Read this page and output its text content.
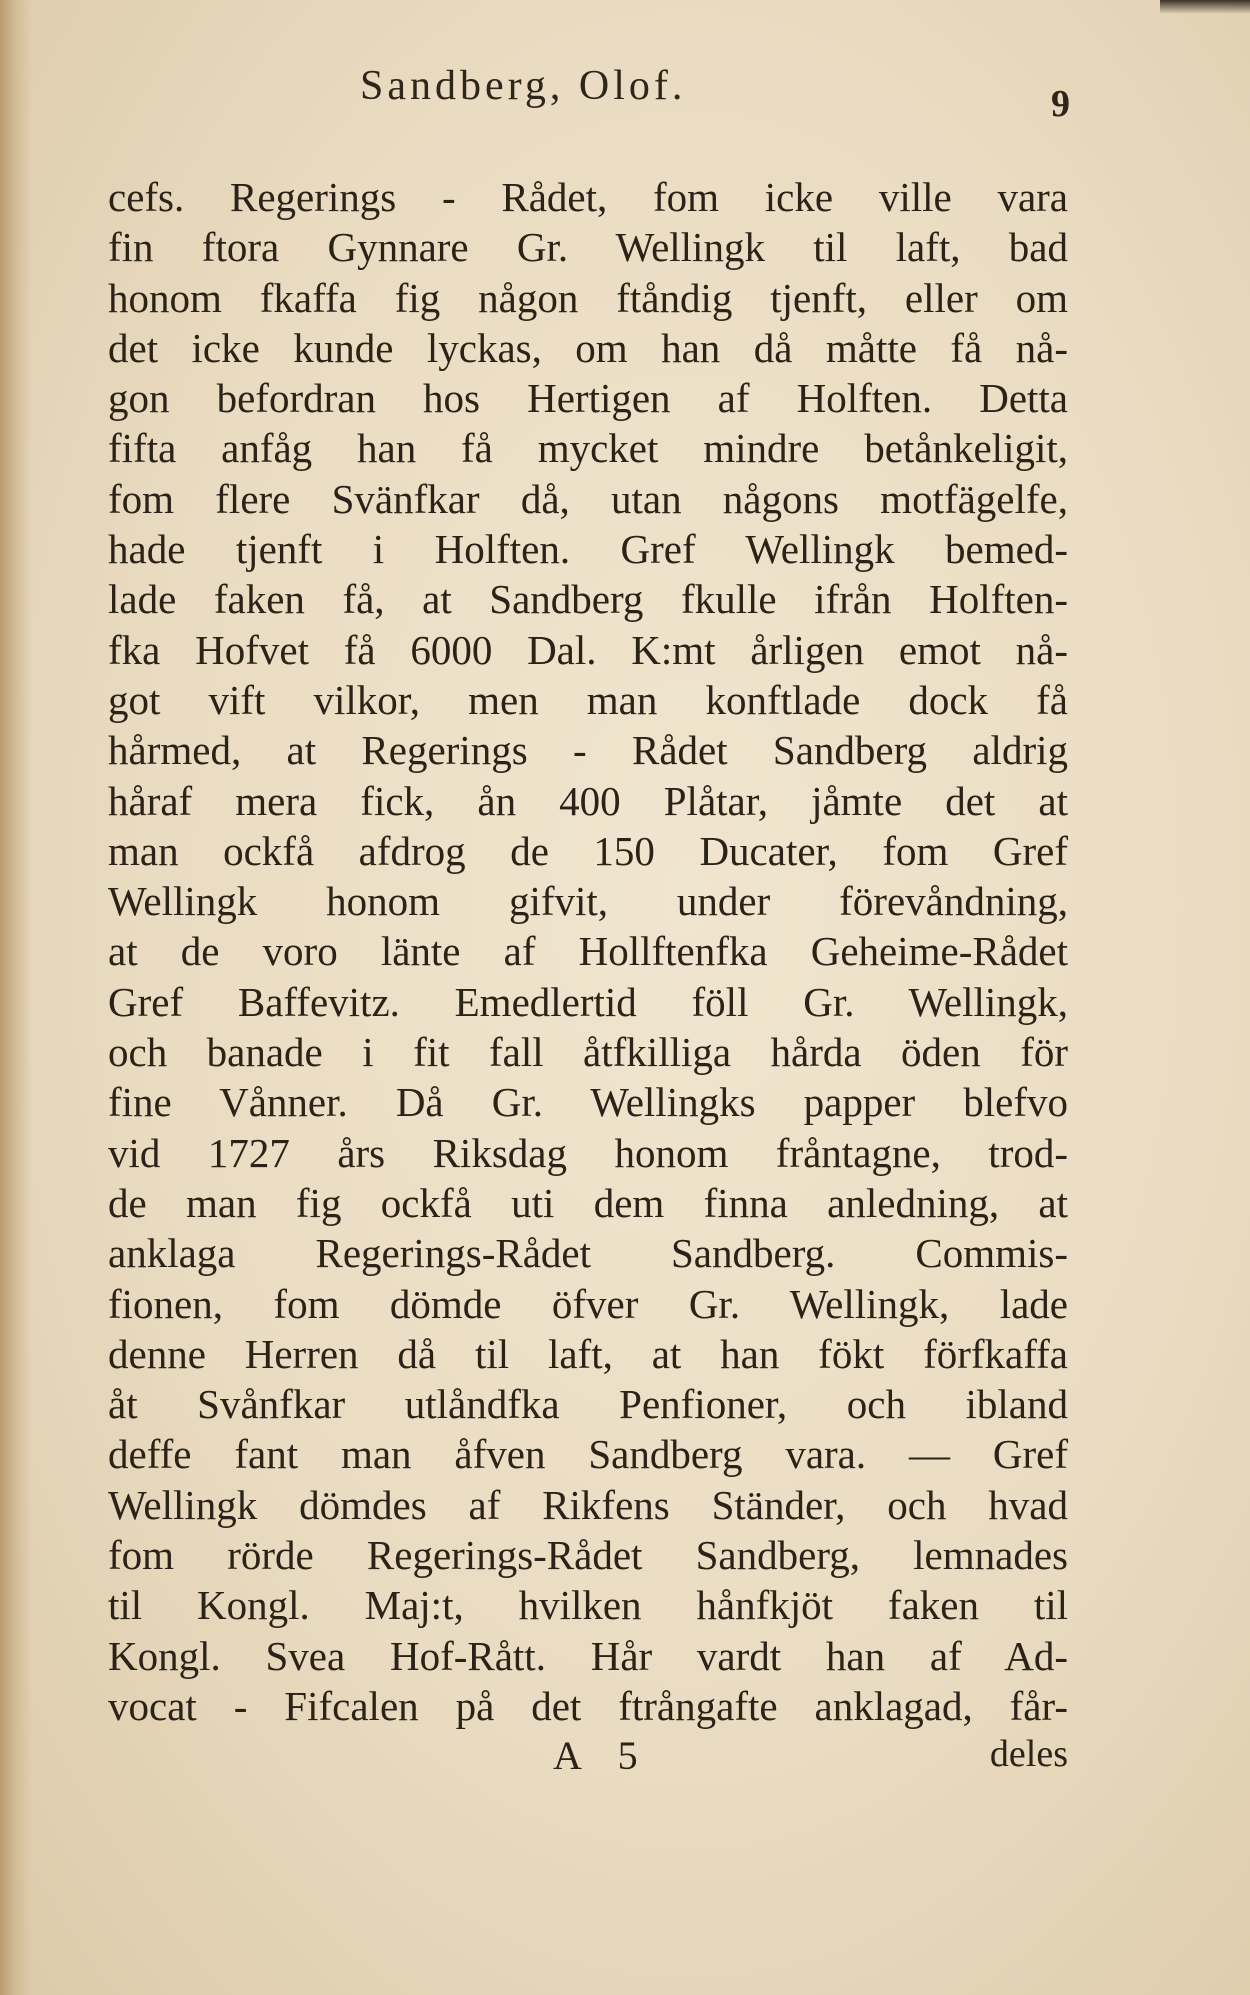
Sandberg, Olof.	9
cefs. Regerings - Rådet, fom icke ville vara
fin ftora Gynnare Gr. Wellingk til laft, bad
honom fkaffa fig någon ftåndig tjenft, eller om
det icke kunde lyckas, om han då måtte få nå-
gon befordran hos Hertigen af Holften. Detta
fifta anfåg han få mycket mindre betånkeligit,
fom flere Svänfkar då, utan någons motfägelfe,
hade tjenft i Holften. Gref Wellingk bemed-
lade faken få, at Sandberg fkulle ifrån Holften-
fka Hofvet få 6000 Dal. K:mt årligen emot nå-
got vift vilkor, men man konftlade dock få
hårmed, at Regerings - Rådet Sandberg aldrig
håraf mera fick, ån 400 Plåtar, jåmte det at
man ockfå afdrog de 150 Ducater, fom Gref
Wellingk honom gifvit, under förevåndning,
at de voro länte af Hollftenfka Geheime-Rådet
Gref Baffevitz. Emedlertid föll Gr. Wellingk,
och banade i fit fall åtfkilliga hårda öden för
fine Vånner. Då Gr. Wellingks papper blefvo
vid 1727 års Riksdag honom fråntagne, trod-
de man fig ockfå uti dem finna anledning, at
anklaga Regerings-Rådet Sandberg. Commis-
fionen, fom dömde öfver Gr. Wellingk, lade
denne Herren då til laft, at han fökt förfkaffa
åt Svånfkar utlåndfka Penfioner, och ibland
deffe fant man åfven Sandberg vara. — Gref
Wellingk dömdes af Rikfens Ständer, och hvad
fom rörde Regerings-Rådet Sandberg, lemnades
til Kongl. Maj:t, hvilken hånfkjöt faken til
Kongl. Svea Hof-Rått. Hår vardt han af Ad-
vocat - Fifcalen på det ftrångafte anklagad, får-
A 5	deles
